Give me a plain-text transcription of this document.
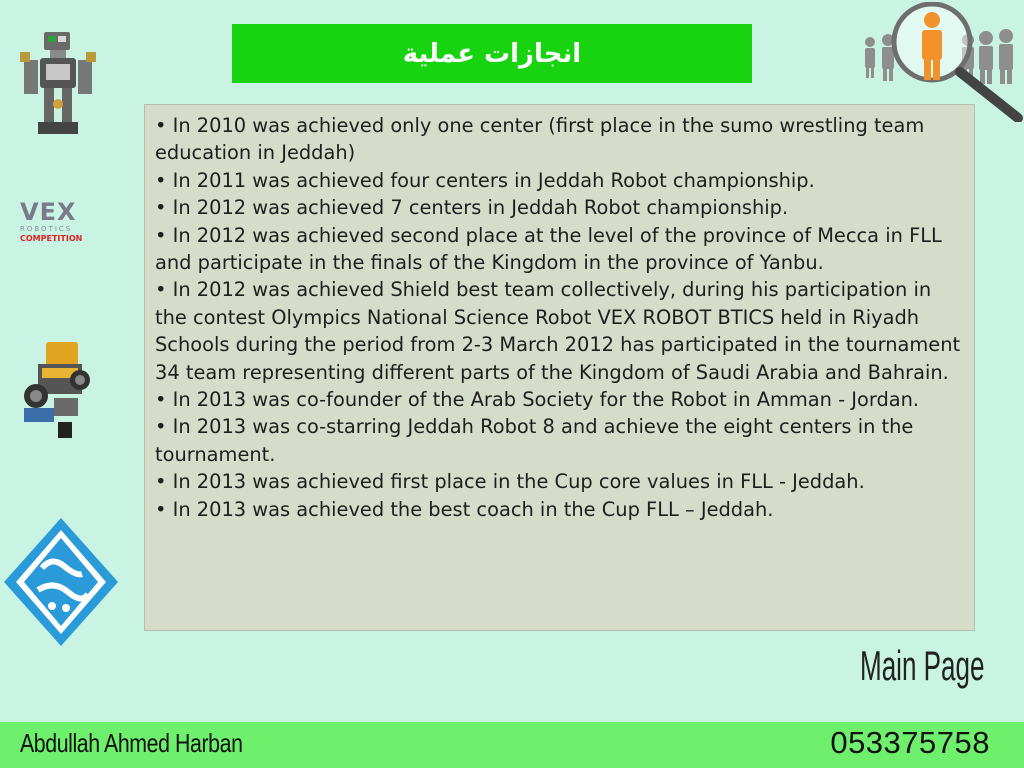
VEX
ROBOTICS
COMPETITION
انجازات عملية

• In 2010 was achieved only one center (first place in the sumo wrestling team education in Jeddah)

• In 2011 was achieved four centers in Jeddah Robot championship.

• In 2012 was achieved 7 centers in Jeddah Robot championship.

• In 2012 was achieved second place at the level of the province of Mecca in FLL and participate in the finals of the Kingdom in the province of Yanbu.

• In 2012 was achieved Shield best team collectively, during his participation in the contest Olympics National Science Robot VEX ROBOT BTICS held in Riyadh Schools during the period from 2-3 March 2012 has participated in the tournament 34 team representing different parts of the Kingdom of Saudi Arabia and Bahrain.

• In 2013 was co-founder of the Arab Society for the Robot in Amman - Jordan.

• In 2013 was co-starring Jeddah Robot 8 and achieve the eight centers in the tournament.

• In 2013 was achieved first place in the Cup core values in FLL - Jeddah.

• In 2013 was achieved the best coach in the Cup FLL – Jeddah.

Main Page
Abdullah Ahmed Harban	053375758
